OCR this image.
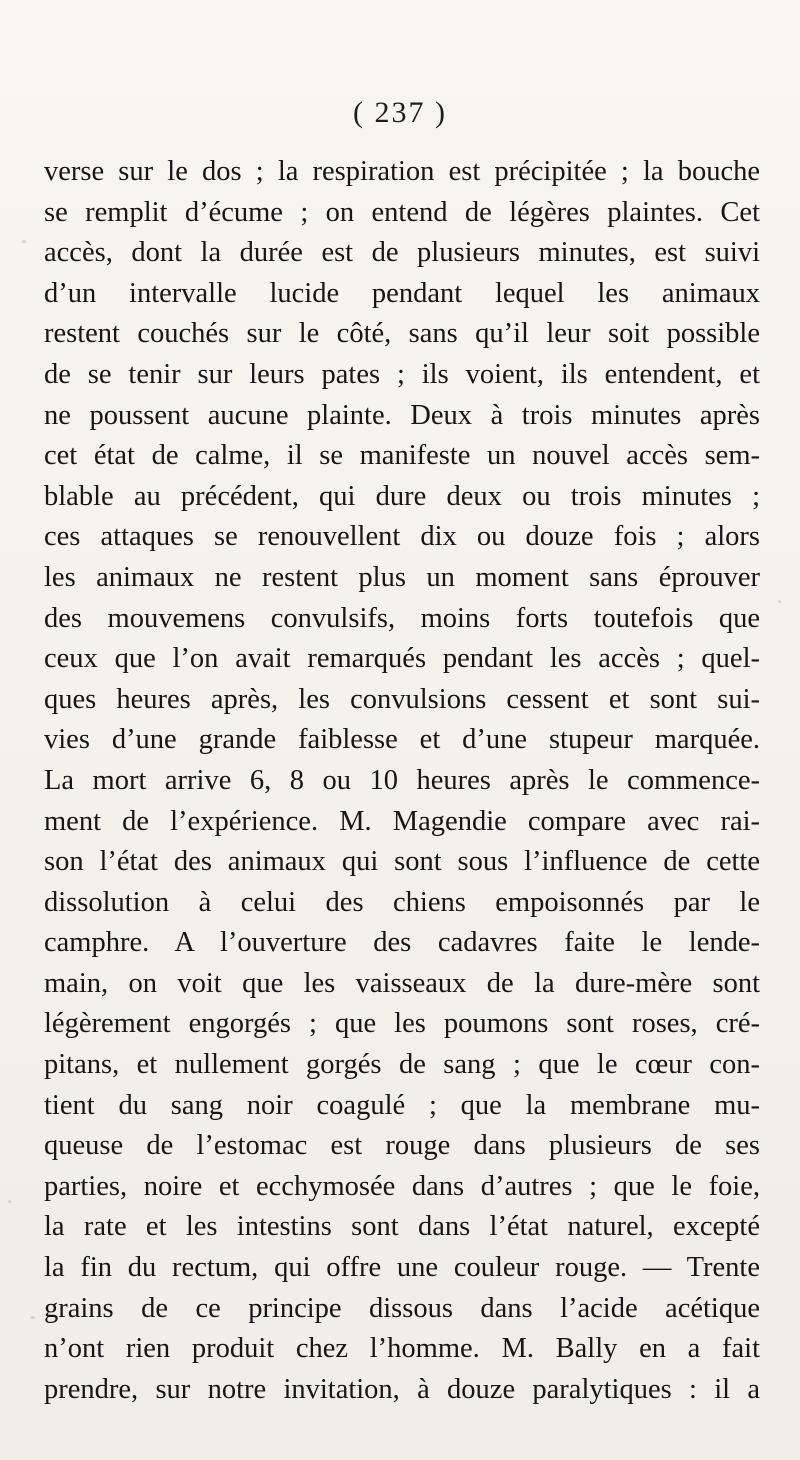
( 237 )
verse sur le dos ; la respiration est précipitée ; la bouche
se remplit d’écume ; on entend de légères plaintes. Cet
accès, dont la durée est de plusieurs minutes, est suivi
d’un intervalle lucide pendant lequel les animaux
restent couchés sur le côté, sans qu’il leur soit possible
de se tenir sur leurs pates ; ils voient, ils entendent, et
ne poussent aucune plainte. Deux à trois minutes après
cet état de calme, il se manifeste un nouvel accès sem-
blable au précédent, qui dure deux ou trois minutes ;
ces attaques se renouvellent dix ou douze fois ; alors
les animaux ne restent plus un moment sans éprouver
des mouvemens convulsifs, moins forts toutefois que
ceux que l’on avait remarqués pendant les accès ; quel-
ques heures après, les convulsions cessent et sont sui-
vies d’une grande faiblesse et d’une stupeur marquée.
La mort arrive 6, 8 ou 10 heures après le commence-
ment de l’expérience. M. Magendie compare avec rai-
son l’état des animaux qui sont sous l’influence de cette
dissolution à celui des chiens empoisonnés par le
camphre. A l’ouverture des cadavres faite le lende-
main, on voit que les vaisseaux de la dure-mère sont
légèrement engorgés ; que les poumons sont roses, cré-
pitans, et nullement gorgés de sang ; que le cœur con-
tient du sang noir coagulé ; que la membrane mu-
queuse de l’estomac est rouge dans plusieurs de ses
parties, noire et ecchymosée dans d’autres ; que le foie,
la rate et les intestins sont dans l’état naturel, excepté
la fin du rectum, qui offre une couleur rouge. — Trente
grains de ce principe dissous dans l’acide acétique
n’ont rien produit chez l’homme. M. Bally en a fait
prendre, sur notre invitation, à douze paralytiques : il a
